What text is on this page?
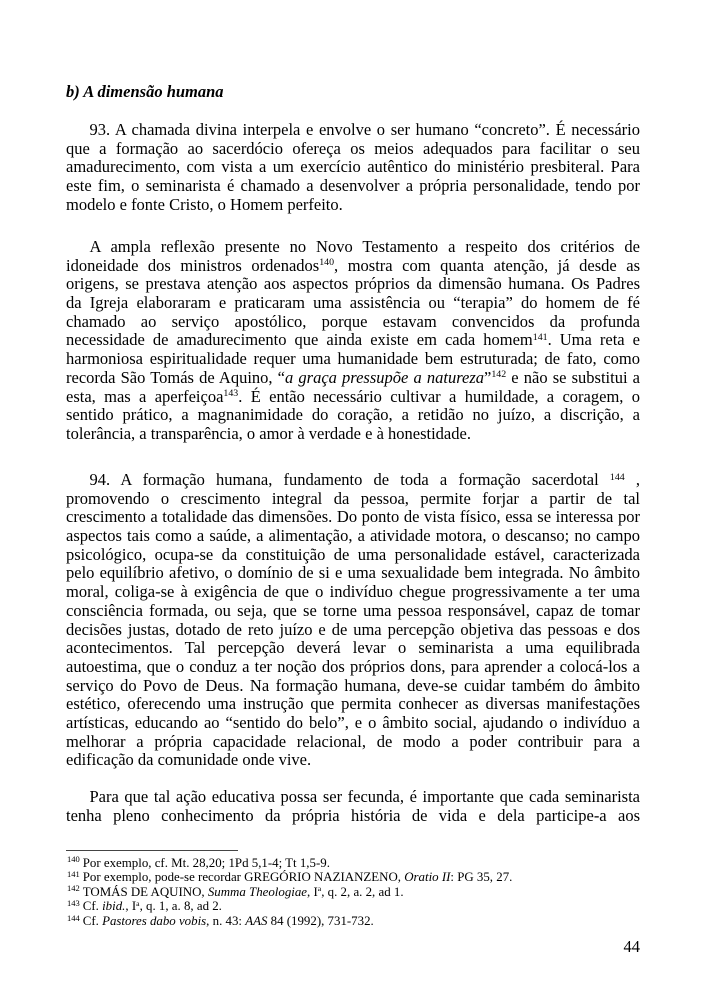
b) A dimensão humana
93. A chamada divina interpela e envolve o ser humano “concreto”. É necessário
que a formação ao sacerdócio ofereça os meios adequados para facilitar o seu
amadurecimento, com vista a um exercício autêntico do ministério presbiteral. Para
este fim, o seminarista é chamado a desenvolver a própria personalidade, tendo por
modelo e fonte Cristo, o Homem perfeito.
A ampla reflexão presente no Novo Testamento a respeito dos critérios de
idoneidade dos ministros ordenados$^{140}$, mostra com quanta atenção, já desde as
origens, se prestava atenção aos aspectos próprios da dimensão humana. Os Padres
da Igreja elaboraram e praticaram uma assistência ou “terapia” do homem de fé
chamado ao serviço apostólico, porque estavam convencidos da profunda
necessidade de amadurecimento que ainda existe em cada homem$^{141}$. Uma reta e
harmoniosa espiritualidade requer uma humanidade bem estruturada; de fato, como
recorda São Tomás de Aquino, “a graça pressupõe a natureza”$^{142}$ e não se substitui a
esta, mas a aperfeiçoa$^{143}$. É então necessário cultivar a humildade, a coragem, o
sentido prático, a magnanimidade do coração, a retidão no juízo, a discrição, a
tolerância, a transparência, o amor à verdade e à honestidade.
94. A formação humana, fundamento de toda a formação sacerdotal $^{144}$ ,
promovendo o crescimento integral da pessoa, permite forjar a partir de tal
crescimento a totalidade das dimensões. Do ponto de vista físico, essa se interessa por
aspectos tais como a saúde, a alimentação, a atividade motora, o descanso; no campo
psicológico, ocupa-se da constituição de uma personalidade estável, caracterizada
pelo equilíbrio afetivo, o domínio de si e uma sexualidade bem integrada. No âmbito
moral, coliga-se à exigência de que o indivíduo chegue progressivamente a ter uma
consciência formada, ou seja, que se torne uma pessoa responsável, capaz de tomar
decisões justas, dotado de reto juízo e de uma percepção objetiva das pessoas e dos
acontecimentos. Tal percepção deverá levar o seminarista a uma equilibrada
autoestima, que o conduz a ter noção dos próprios dons, para aprender a colocá-los a
serviço do Povo de Deus. Na formação humana, deve-se cuidar também do âmbito
estético, oferecendo uma instrução que permita conhecer as diversas manifestações
artísticas, educando ao “sentido do belo”, e o âmbito social, ajudando o indivíduo a
melhorar a própria capacidade relacional, de modo a poder contribuir para a
edificação da comunidade onde vive.
Para que tal ação educativa possa ser fecunda, é importante que cada seminarista
tenha pleno conhecimento da própria história de vida e dela participe-a aos
$^{140}$ Por exemplo, cf. Mt. 28,20; 1Pd 5,1-4; Tt 1,5-9.
$^{141}$ Por exemplo, pode-se recordar GREGÓRIO NAZIANZENO, Oratio II: PG 35, 27.
$^{142}$ TOMÁS DE AQUINO, Summa Theologiae, $I^a$, q. 2, a. 2, ad 1.
$^{143}$ Cf. ibid., $I^a$, q. 1, a. 8, ad 2.
$^{144}$ Cf. Pastores dabo vobis, n. 43: AAS 84 (1992), 731-732.
44
